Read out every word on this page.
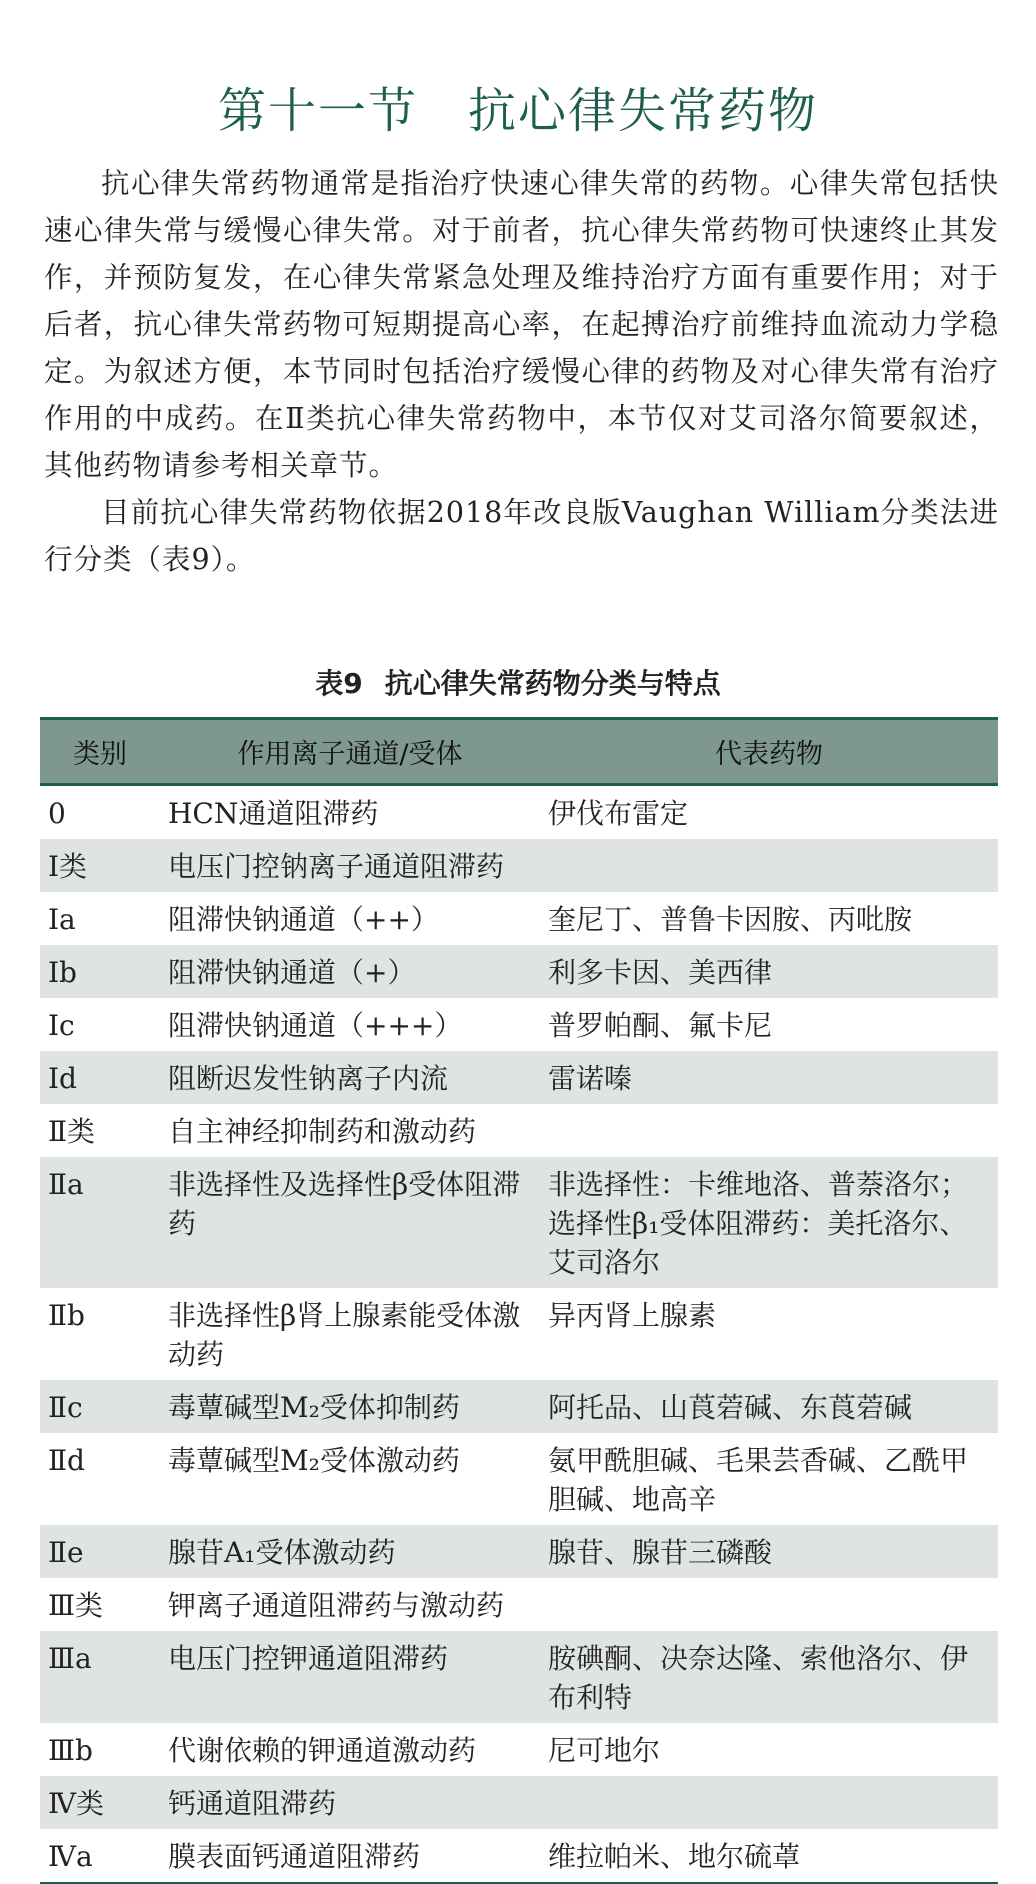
第十一节　抗心律失常药物

抗心律失常药物通常是指治疗快速心律失常的药物。心律失常包括快速心律失常与缓慢心律失常。对于前者，抗心律失常药物可快速终止其发作，并预防复发，在心律失常紧急处理及维持治疗方面有重要作用；对于后者，抗心律失常药物可短期提高心率，在起搏治疗前维持血流动力学稳定。为叙述方便，本节同时包括治疗缓慢心律的药物及对心律失常有治疗作用的中成药。在Ⅱ类抗心律失常药物中，本节仅对艾司洛尔简要叙述，其他药物请参考相关章节。

目前抗心律失常药物依据2018年改良版Vaughan William分类法进行分类（表9）。

表9 抗心律失常药物分类与特点
类别	作用离子通道/受体	代表药物
0	HCN通道阻滞药	伊伐布雷定
Ⅰ类	电压门控钠离子通道阻滞药	
Ⅰa	阻滞快钠通道（++）	奎尼丁、普鲁卡因胺、丙吡胺
Ⅰb	阻滞快钠通道（+）	利多卡因、美西律
Ⅰc	阻滞快钠通道（+++）	普罗帕酮、氟卡尼
Ⅰd	阻断迟发性钠离子内流	雷诺嗪
Ⅱ类	自主神经抑制药和激动药	
Ⅱa	非选择性及选择性β受体阻滞药	非选择性：卡维地洛、普萘洛尔；选择性β₁受体阻滞药：美托洛尔、艾司洛尔
Ⅱb	非选择性β肾上腺素能受体激动药	异丙肾上腺素
Ⅱc	毒蕈碱型M₂受体抑制药	阿托品、山莨菪碱、东莨菪碱
Ⅱd	毒蕈碱型M₂受体激动药	氨甲酰胆碱、毛果芸香碱、乙酰甲胆碱、地高辛
Ⅱe	腺苷A₁受体激动药	腺苷、腺苷三磷酸
Ⅲ类	钾离子通道阻滞药与激动药	
Ⅲa	电压门控钾通道阻滞药	胺碘酮、决奈达隆、索他洛尔、伊布利特
Ⅲb	代谢依赖的钾通道激动药	尼可地尔
Ⅳ类	钙通道阻滞药	
Ⅳa	膜表面钙通道阻滞药	维拉帕米、地尔硫䓬
